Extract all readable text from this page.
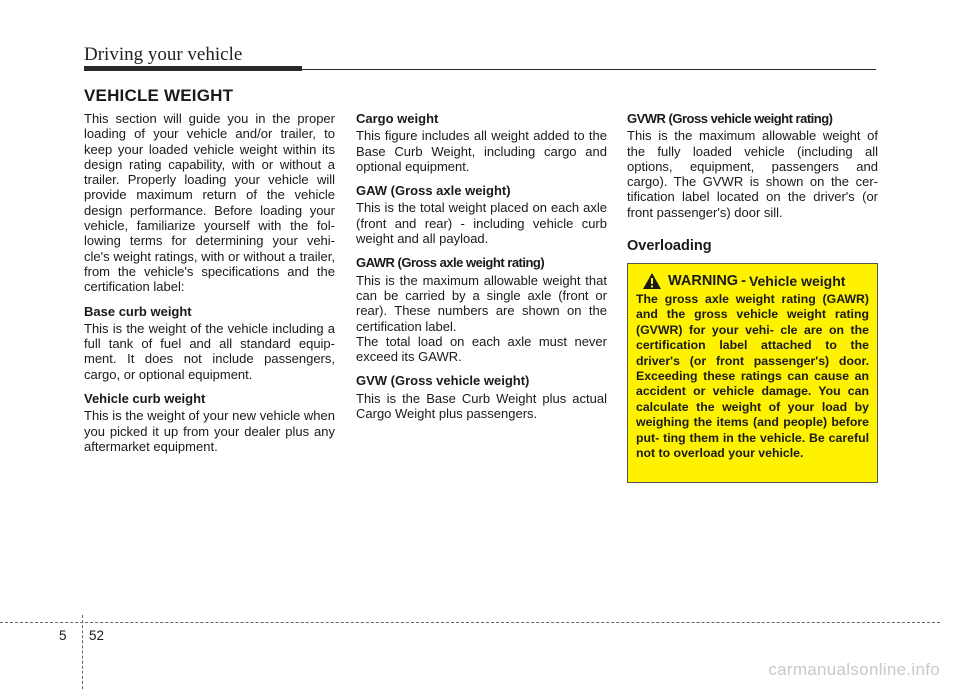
Driving your vehicle
VEHICLE WEIGHT

This section will guide you in the proper loading of your vehicle and/or trailer, to keep your loaded vehicle weight within its design rating capability, with or without a trailer. Properly loading your vehicle will provide maximum return of the vehicle design performance. Before loading your vehicle, familiarize yourself with the fol- lowing terms for determining your vehi- cle's weight ratings, with or without a trailer, from the vehicle's specifications and the certification label:

Base curb weight

This is the weight of the vehicle including a full tank of fuel and all standard equip- ment. It does not include passengers, cargo, or optional equipment.

Vehicle curb weight

This is the weight of your new vehicle when you picked it up from your dealer plus any aftermarket equipment.

Cargo weight

This figure includes all weight added to the Base Curb Weight, including cargo and optional equipment.

GAW (Gross axle weight)

This is the total weight placed on each axle (front and rear) - including vehicle curb weight and all payload.

GAWR (Gross axle weight rating)

This is the maximum allowable weight that can be carried by a single axle (front or rear). These numbers are shown on the certification label.

The total load on each axle must never exceed its GAWR.

GVW (Gross vehicle weight)

This is the Base Curb Weight plus actual Cargo Weight plus passengers.

GVWR (Gross vehicle weight rating)

This is the maximum allowable weight of the fully loaded vehicle (including all options, equipment, passengers and cargo). The GVWR is shown on the cer- tification label located on the driver's (or front passenger's) door sill.

Overloading
WARNING - Vehicle weight
The gross axle weight rating (GAWR) and the gross vehicle weight rating (GVWR) for your vehi- cle are on the certification label attached to the driver's (or front passenger's) door. Exceeding these ratings can cause an accident or vehicle damage. You can calculate the weight of your load by weighing the items (and people) before put- ting them in the vehicle. Be careful not to overload your vehicle.
5 52
carmanualsonline.info
